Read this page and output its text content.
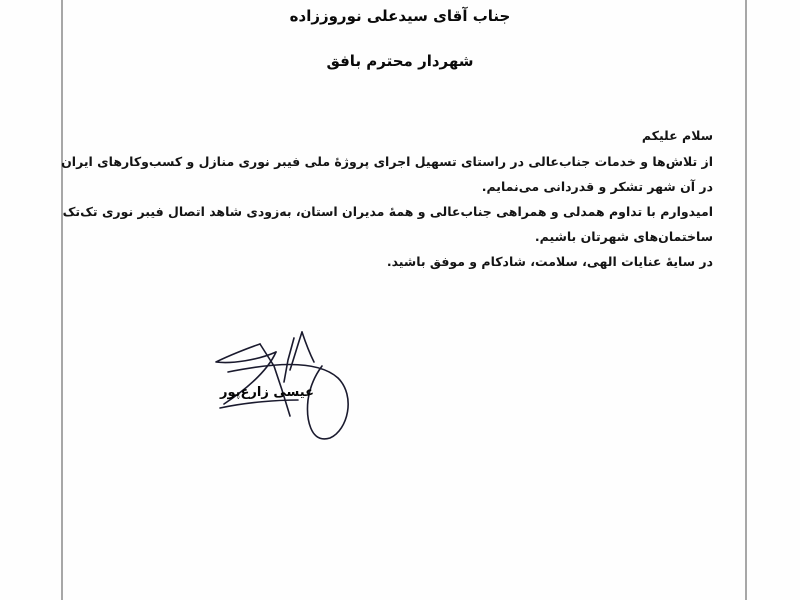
جناب آقای سیدعلی نوروززاده
شهردار محترم بافق
سلام علیکم
از تلاش‌ها و خدمات جناب‌عالی در راستای تسهیل اجرای پروژهٔ ملی فیبر نوری منازل و کسب‌وکارهای ایران
در آن شهر تشکر و قدردانی می‌نمایم.
امیدوارم با تداوم همدلی و همراهی جناب‌عالی و همهٔ مدیران استان، به‌زودی شاهد اتصال فیبر نوری تک‌تک
ساختمان‌های شهرتان باشیم.
در سایهٔ عنایات الهی، سلامت، شادکام و موفق باشید.
عیسی زارع‌پور
